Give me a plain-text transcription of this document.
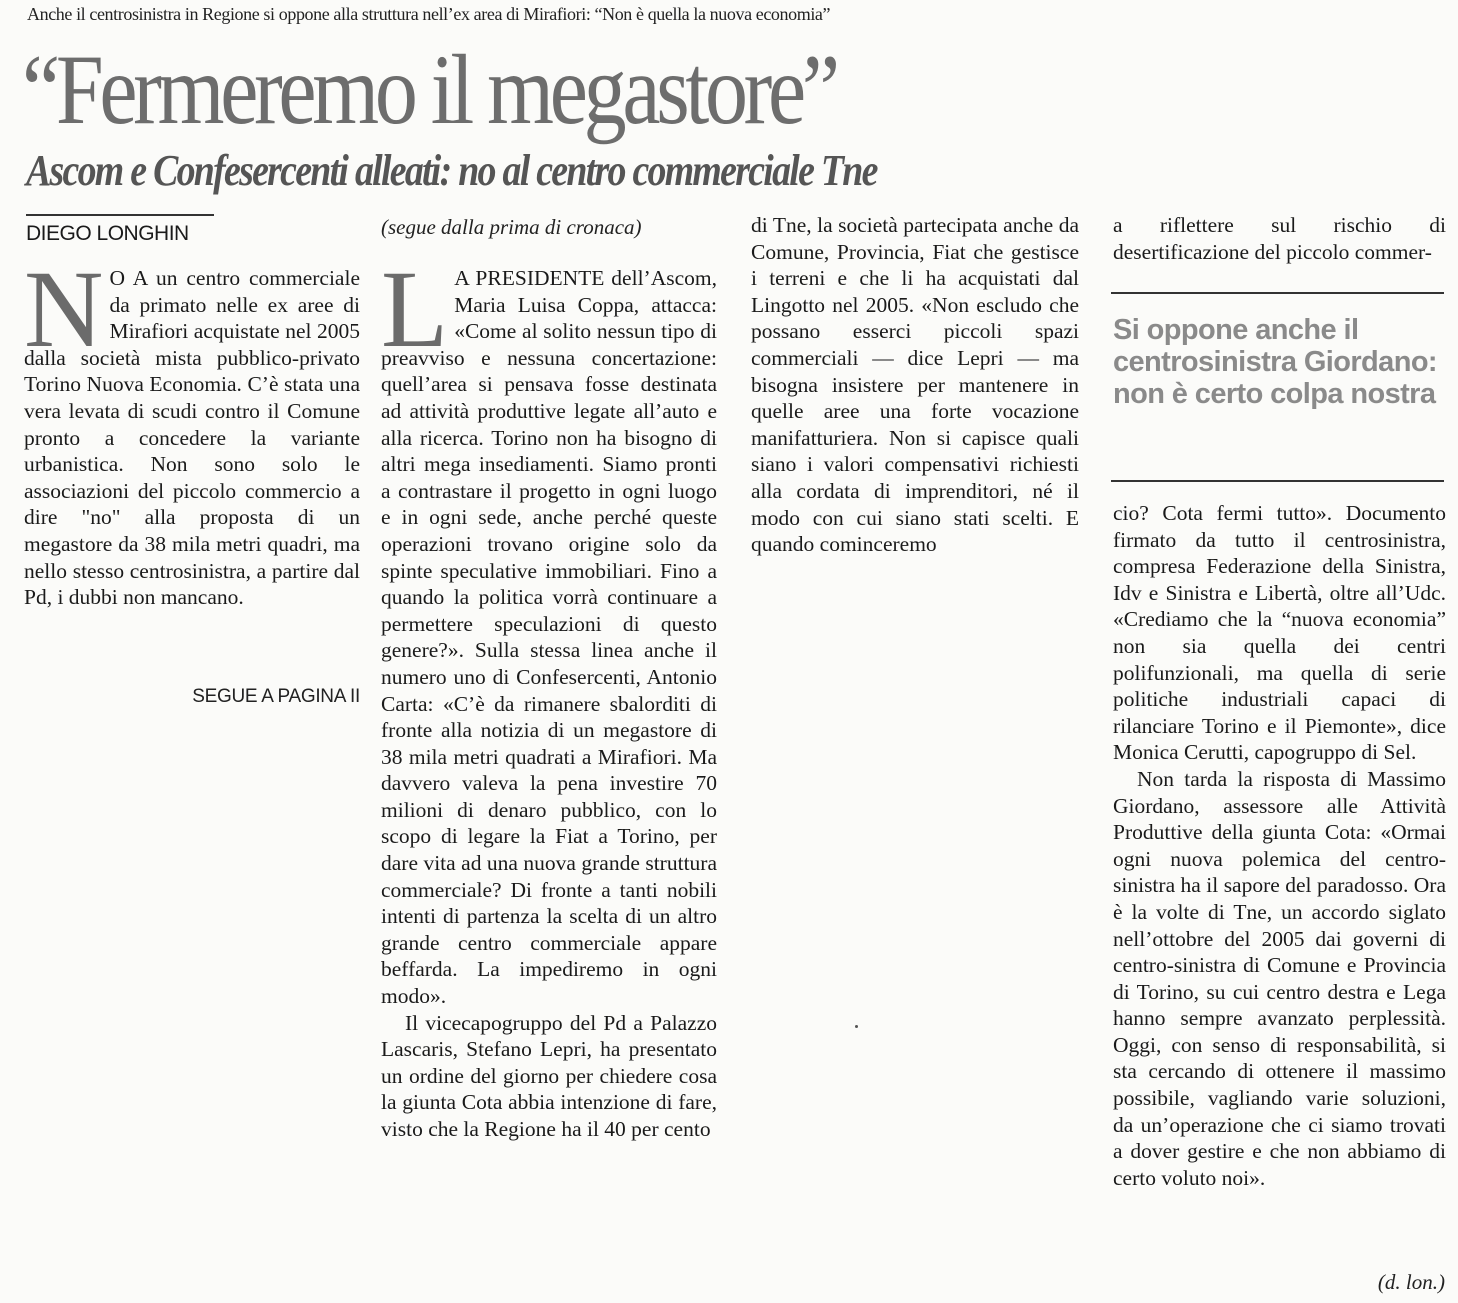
Anche il centrosinistra in Regione si oppone alla struttura nell’ex area di Mirafiori: “Non è quella la nuova economia”
“Fermeremo il megastore”
Ascom e Confesercenti alleati: no al centro commerciale Tne
DIEGO LONGHIN
N O A un centro commerciale da primato nelle ex aree di Mirafiori acquistate nel 2005 dalla società mista pubblico-privato Torino Nuova Economia. C’è stata una vera levata di scudi contro il Comune pronto a concedere la variante urbanistica. Non sono solo le associazioni del piccolo commercio a dire "no" alla proposta di un megastore da 38 mila metri quadri, ma nello stesso centrosinistra, a partire dal Pd, i dubbi non mancano.
SEGUE A PAGINA II
(segue dalla prima di cronaca)

L A PRESIDENTE dell’Ascom, Maria Luisa Coppa, attacca: «Come al solito nessun tipo di preavviso e nessuna concertazione: quell’area si pensava fosse destinata ad attività produttive legate all’auto e alla ricerca. Torino non ha bisogno di altri mega insediamenti. Siamo pronti a contrastare il progetto in ogni luogo e in ogni sede, anche perché queste operazioni trovano origine solo da spinte speculative immobiliari. Fino a quando la politica vorrà continuare a permettere speculazioni di questo genere?». Sulla stessa linea anche il numero uno di Confesercenti, Antonio Carta: «C’è da rimanere sbalorditi di fronte alla notizia di un megastore di 38 mila metri quadrati a Mirafiori. Ma davvero valeva la pena investire 70 milioni di denaro pubblico, con lo scopo di legare la Fiat a Torino, per dare vita ad una nuova grande struttura commerciale? Di fronte a tanti nobili intenti di partenza la scelta di un altro grande centro commerciale appare beffarda. La impediremo in ogni modo».

Il vicecapogruppo del Pd a Palazzo Lascaris, Stefano Lepri, ha presentato un ordine del giorno per chiedere cosa la giunta Cota abbia intenzione di fare, visto che la Regione ha il 40 per cento

di Tne, la società partecipata anche da Comune, Provincia, Fiat che gestisce i terreni e che li ha acquistati dal Lingotto nel 2005. «Non escludo che possano esserci piccoli spazi commerciali — dice Lepri — ma bisogna insistere per mantenere in quelle aree una forte vocazione manifatturiera. Non si capisce quali siano i valori compensativi richiesti alla cordata di imprenditori, né il modo con cui siano stati scelti. E quando cominceremo

a riflettere sul rischio di desertificazione del piccolo commer-

Si oppone anche il centrosinistra Giordano: non è certo colpa nostra

cio? Cota fermi tutto». Documento firmato da tutto il centrosinistra, compresa Federazione della Sinistra, Idv e Sinistra e Libertà, oltre all’Udc. «Crediamo che la “nuova economia” non sia quella dei centri polifunzionali, ma quella di serie politiche industriali capaci di rilanciare Torino e il Piemonte», dice Monica Cerutti, capogruppo di Sel.

Non tarda la risposta di Massimo Giordano, assessore alle Attività Produttive della giunta Cota: «Ormai ogni nuova polemica del centro-sinistra ha il sapore del paradosso. Ora è la volte di Tne, un accordo siglato nell’ottobre del 2005 dai governi di centro-sinistra di Comune e Provincia di Torino, su cui centro destra e Lega hanno sempre avanzato perplessità. Oggi, con senso di responsabilità, si sta cercando di ottenere il massimo possibile, vagliando varie soluzioni, da un’operazione che ci siamo trovati a dover gestire e che non abbiamo di certo voluto noi».

(d. lon.)
